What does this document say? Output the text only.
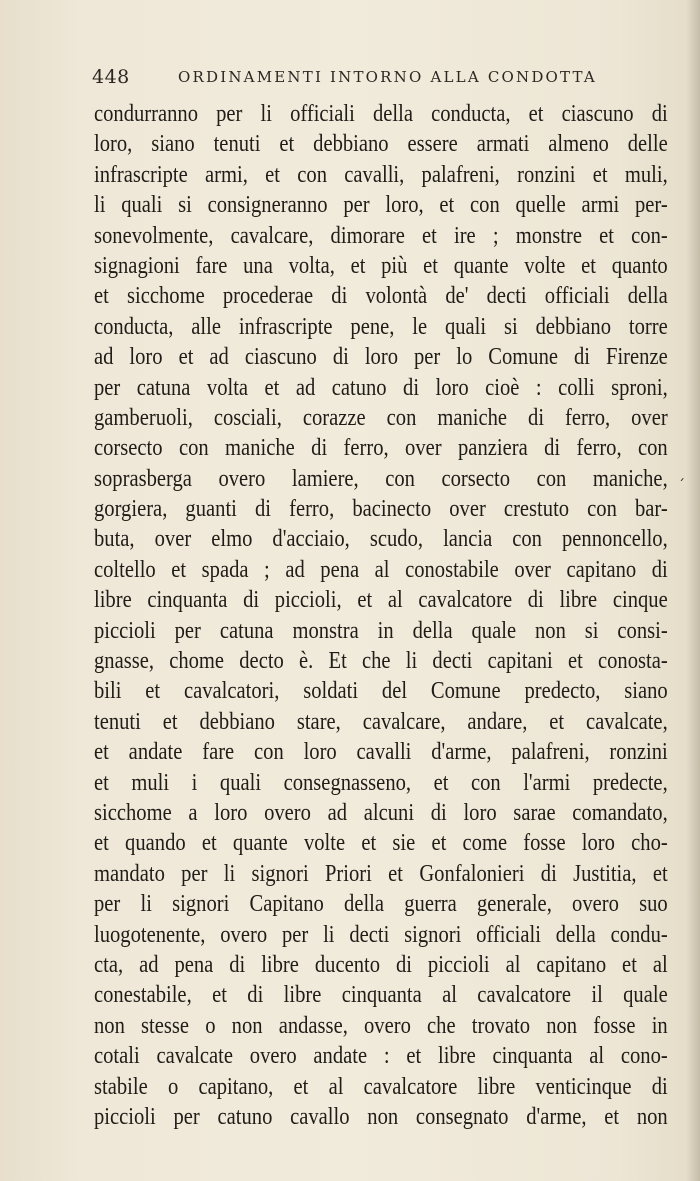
448	ORDINAMENTI INTORNO ALLA CONDOTTA
condurranno per li officiali della conducta, et ciascuno di
loro, siano tenuti et debbiano essere armati almeno delle
infrascripte armi, et con cavalli, palafreni, ronzini et muli,
li quali si consigneranno per loro, et con quelle armi per-
sonevolmente, cavalcare, dimorare et ire ; monstre et con-
signagioni fare una volta, et più et quante volte et quanto
et sicchome procederae di volontà de' decti officiali della
conducta, alle infrascripte pene, le quali si debbiano torre
ad loro et ad ciascuno di loro per lo Comune di Firenze
per catuna volta et ad catuno di loro cioè : colli sproni,
gamberuoli, cosciali, corazze con maniche di ferro, over
corsecto con maniche di ferro, over panziera di ferro, con
soprasberga overo lamiere, con corsecto con maniche,
gorgiera, guanti di ferro, bacinecto over crestuto con bar-
buta, over elmo d'acciaio, scudo, lancia con pennoncello,
coltello et spada ; ad pena al conostabile over capitano di
libre cinquanta di piccioli, et al cavalcatore di libre cinque
piccioli per catuna monstra in della quale non si consi-
gnasse, chome decto è. Et che li decti capitani et conosta-
bili et cavalcatori, soldati del Comune predecto, siano
tenuti et debbiano stare, cavalcare, andare, et cavalcate,
et andate fare con loro cavalli d'arme, palafreni, ronzini
et muli i quali consegnasseno, et con l'armi predecte,
sicchome a loro overo ad alcuni di loro sarae comandato,
et quando et quante volte et sie et come fosse loro cho-
mandato per li signori Priori et Gonfalonieri di Justitia, et
per li signori Capitano della guerra generale, overo suo
luogotenente, overo per li decti signori officiali della condu-
cta, ad pena di libre ducento di piccioli al capitano et al
conestabile, et di libre cinquanta al cavalcatore il quale
non stesse o non andasse, overo che trovato non fosse in
cotali cavalcate overo andate : et libre cinquanta al cono-
stabile o capitano, et al cavalcatore libre venticinque di
piccioli per catuno cavallo non consegnato d'arme, et non
´
